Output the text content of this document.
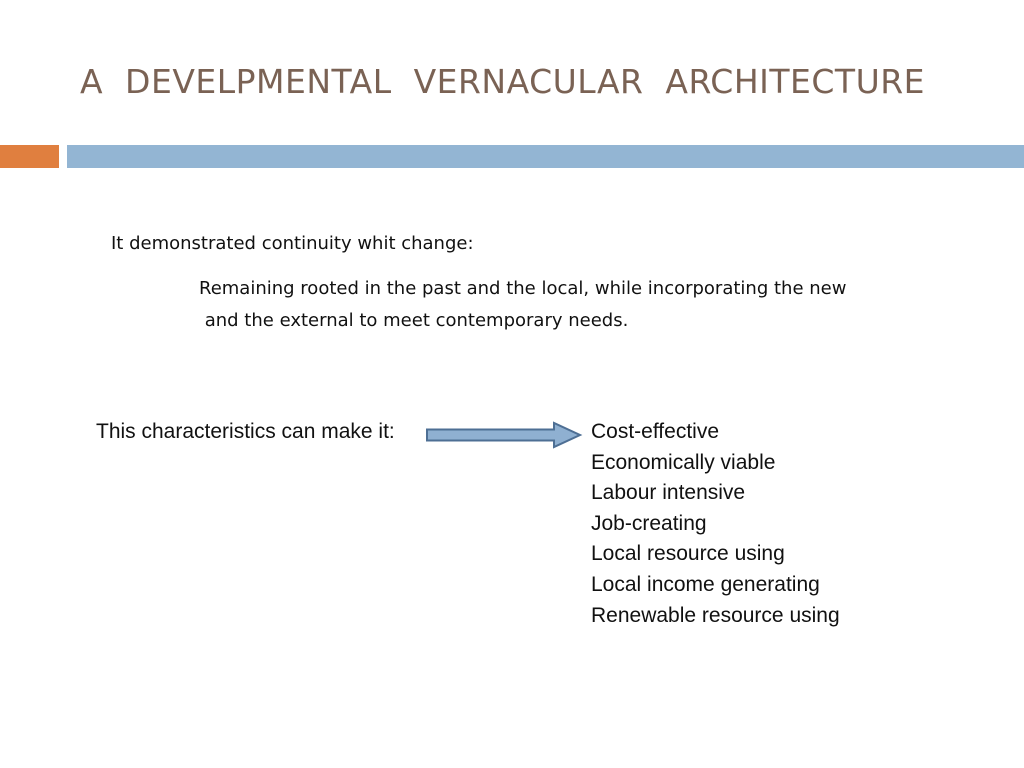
A  DEVELPMENTAL  VERNACULAR  ARCHITECTURE

It demonstrated continuity whit change:

Remaining rooted in the past and the local, while incorporating the new
and the external to meet contemporary needs.

This characteristics can make it:	Cost-effective
Economically viable
Labour intensive
Job-creating
Local resource using
Local income generating
Renewable resource using
